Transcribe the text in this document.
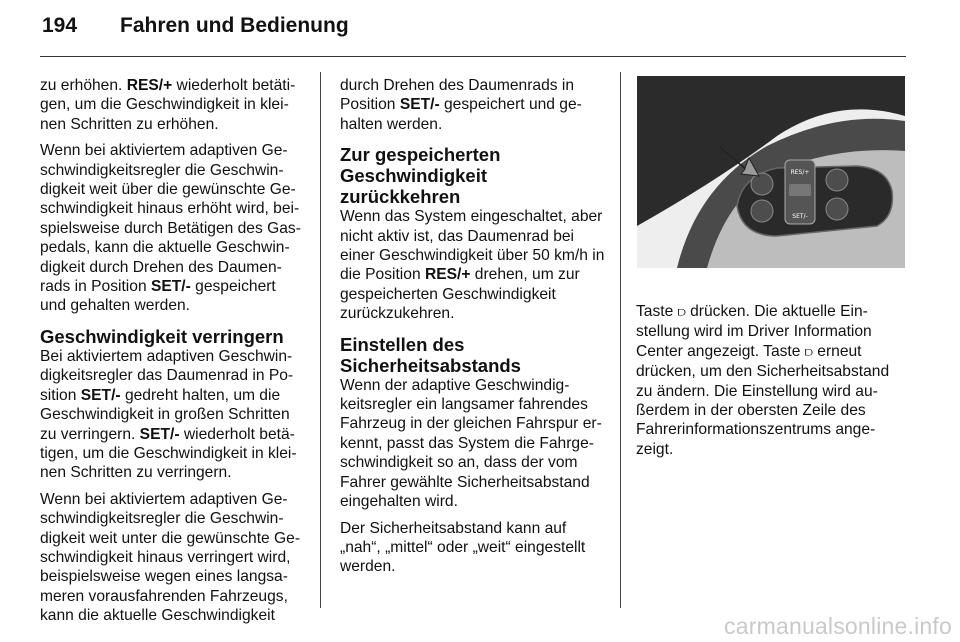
194	Fahren und Bedienung

zu erhöhen. RES/+ wiederholt betätigen, um die Geschwindigkeit in kleinen Schritten zu erhöhen.

Wenn bei aktiviertem adaptiven Geschwindigkeitsregler die Geschwindigkeit weit über die gewünschte Geschwindigkeit hinaus erhöht wird, beispielsweise durch Betätigen des Gaspedals, kann die aktuelle Geschwindigkeit durch Drehen des Daumenrads in Position SET/- gespeichert und gehalten werden.

Geschwindigkeit verringern

Bei aktiviertem adaptiven Geschwindigkeitsregler das Daumenrad in Position SET/- gedreht halten, um die Geschwindigkeit in großen Schritten zu verringern. SET/- wiederholt betätigen, um die Geschwindigkeit in kleinen Schritten zu verringern.

Wenn bei aktiviertem adaptiven Geschwindigkeitsregler die Geschwindigkeit weit unter die gewünschte Geschwindigkeit hinaus verringert wird, beispielsweise wegen eines langsameren vorausfahrenden Fahrzeugs, kann die aktuelle Geschwindigkeit

durch Drehen des Daumenrads in Position SET/- gespeichert und gehalten werden.

Zur gespeicherten Geschwindigkeit zurückkehren

Wenn das System eingeschaltet, aber nicht aktiv ist, das Daumenrad bei einer Geschwindigkeit über 50 km/h in die Position RES/+ drehen, um zur gespeicherten Geschwindigkeit zurückzukehren.

Einstellen des Sicherheitsabstands

Wenn der adaptive Geschwindigkeitsregler ein langsamer fahrendes Fahrzeug in der gleichen Fahrspur erkennt, passt das System die Fahrgeschwindigkeit so an, dass der vom Fahrer gewählte Sicherheitsabstand eingehalten wird.

Der Sicherheitsabstand kann auf „nah“, „mittel“ oder „weit“ eingestellt werden.

RES/+
SET/-

Taste ⫐ drücken. Die aktuelle Einstellung wird im Driver Information Center angezeigt. Taste ⫐ erneut drücken, um den Sicherheitsabstand zu ändern. Die Einstellung wird außerdem in der obersten Zeile des Fahrerinformationszentrums angezeigt.

carmanualsonline.info
